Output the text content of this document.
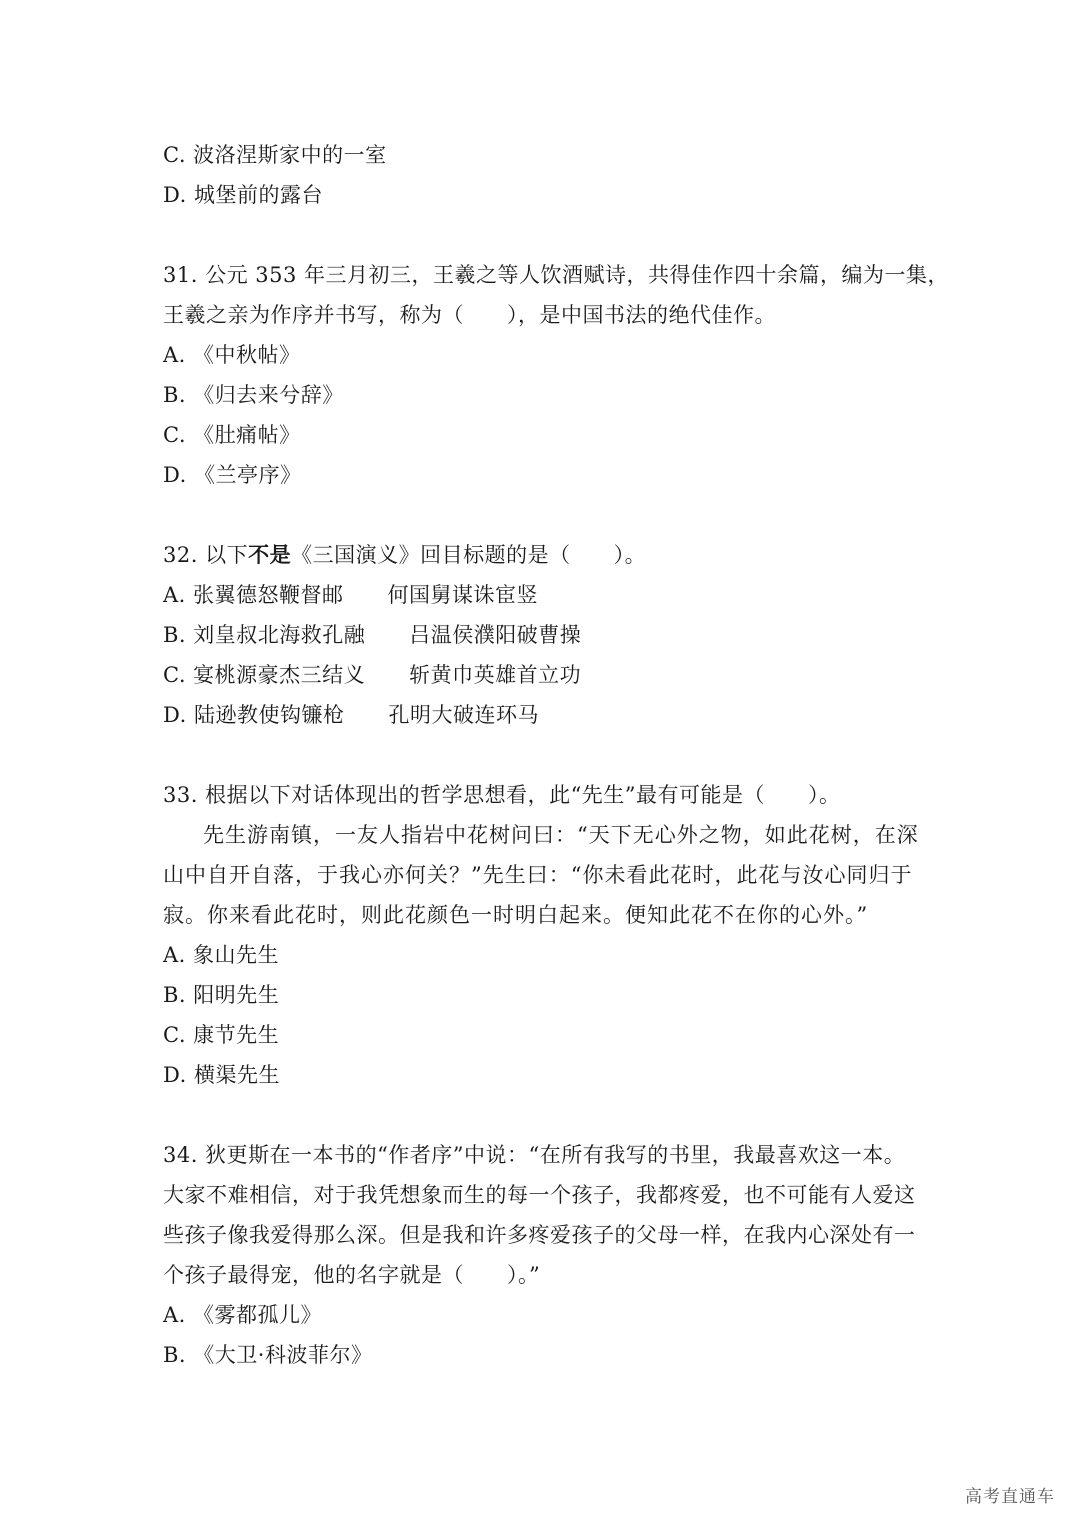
C. 波洛涅斯家中的一室
D. 城堡前的露台
31. 公元 353 年三月初三，王羲之等人饮酒赋诗，共得佳作四十余篇，编为一集，
王羲之亲为作序并书写，称为（　　），是中国书法的绝代佳作。
A. 《中秋帖》
B. 《归去来兮辞》
C. 《肚痛帖》
D. 《兰亭序》
32. 以下不是《三国演义》回目标题的是（　　）。
A. 张翼德怒鞭督邮 何国舅谋诛宦竖
B. 刘皇叔北海救孔融 吕温侯濮阳破曹操
C. 宴桃源豪杰三结义 斩黄巾英雄首立功
D. 陆逊教使钩镰枪 孔明大破连环马
33. 根据以下对话体现出的哲学思想看，此“先生”最有可能是（　　）。
先生游南镇，一友人指岩中花树问曰：“天下无心外之物，如此花树，在深
山中自开自落，于我心亦何关？”先生曰：“你未看此花时，此花与汝心同归于
寂。你来看此花时，则此花颜色一时明白起来。便知此花不在你的心外。”
A. 象山先生
B. 阳明先生
C. 康节先生
D. 横渠先生
34. 狄更斯在一本书的“作者序”中说：“在所有我写的书里，我最喜欢这一本。
大家不难相信，对于我凭想象而生的每一个孩子，我都疼爱，也不可能有人爱这
些孩子像我爱得那么深。但是我和许多疼爱孩子的父母一样，在我内心深处有一
个孩子最得宠，他的名字就是（　　）。”
A. 《雾都孤儿》
B. 《大卫·科波菲尔》
高考直通车
